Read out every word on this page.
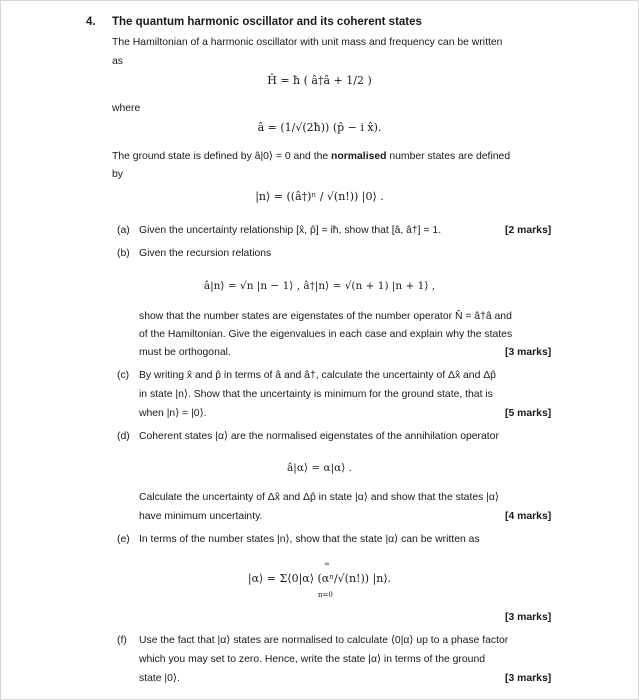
4. The quantum harmonic oscillator and its coherent states
The Hamiltonian of a harmonic oscillator with unit mass and frequency can be written
as
Ĥ = ħ ( â†â + 1/2 )
where
â = (1/√(2ħ)) (p̂ − i x̂).
The ground state is defined by â|0⟩ = 0 and the normalised number states are defined
by
|n⟩ = ((â†)ⁿ / √(n!)) |0⟩ .
(a) Given the uncertainty relationship [x̂, p̂] = iħ, show that [â, â†] = 1.	[2 marks]
(b) Given the recursion relations
â|n⟩ = √n |n − 1⟩ , â†|n⟩ = √(n + 1) |n + 1⟩ ,
show that the number states are eigenstates of the number operator N̂ = â†â and
of the Hamiltonian. Give the eigenvalues in each case and explain why the states
must be orthogonal.	[3 marks]
(c) By writing x̂ and p̂ in terms of â and â†, calculate the uncertainty of Δx̂ and Δp̂
in state |n⟩. Show that the uncertainty is minimum for the ground state, that is
when |n⟩ = |0⟩.	[5 marks]
(d) Coherent states |α⟩ are the normalised eigenstates of the annihilation operator
â|α⟩ = α|α⟩ .
Calculate the uncertainty of Δx̂ and Δp̂ in state |α⟩ and show that the states |α⟩
have minimum uncertainty.	[4 marks]
(e) In terms of the number states |n⟩, show that the state |α⟩ can be written as
∞
|α⟩ = Σ⟨0|α⟩ (αⁿ/√(n!)) |n⟩.
n=0
[3 marks]
(f) Use the fact that |α⟩ states are normalised to calculate ⟨0|α⟩ up to a phase factor
which you may set to zero. Hence, write the state |α⟩ in terms of the ground
state |0⟩.	[3 marks]
